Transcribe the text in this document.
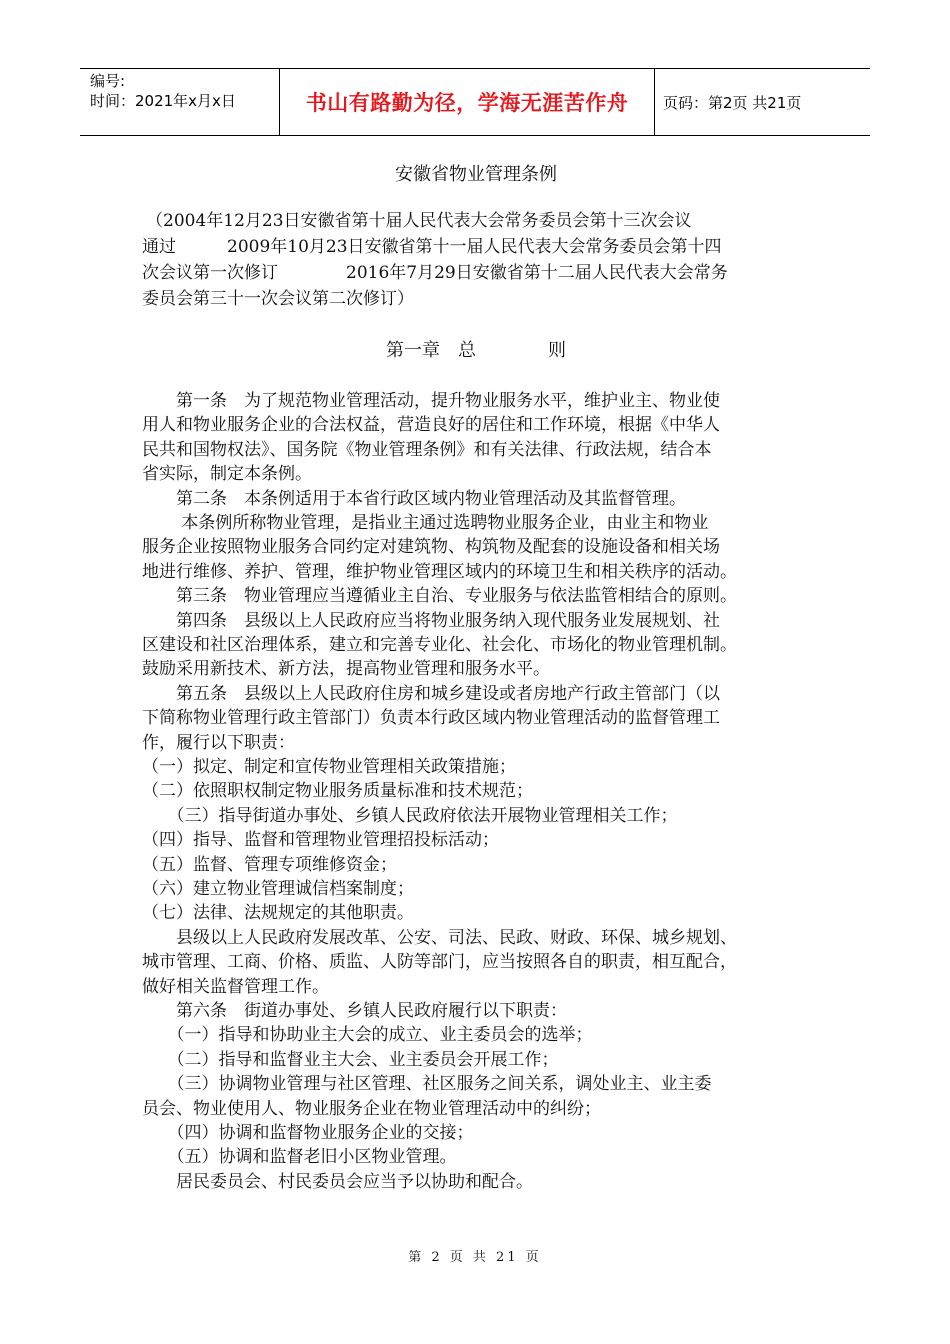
编号:
时间：2021年x月x日	书山有路勤为径，学海无涯苦作舟 页码：第2页 共21页
安徽省物业管理条例
（2004年12月23日安徽省第十届人民代表大会常务委员会第十三次会议
通过　　　2009年10月23日安徽省第十一届人民代表大会常务委员会第十四
次会议第一次修订　　　　2016年7月29日安徽省第十二届人民代表大会常务
委员会第三十一次会议第二次修订）
第一章　总　　　　则
　　第一条　为了规范物业管理活动，提升物业服务水平，维护业主、物业使
用人和物业服务企业的合法权益，营造良好的居住和工作环境，根据《中华人
民共和国物权法》、国务院《物业管理条例》和有关法律、行政法规，结合本
省实际，制定本条例。
　　第二条　本条例适用于本省行政区域内物业管理活动及其监督管理。
　　 本条例所称物业管理，是指业主通过选聘物业服务企业，由业主和物业
服务企业按照物业服务合同约定对建筑物、构筑物及配套的设施设备和相关场
地进行维修、养护、管理，维护物业管理区域内的环境卫生和相关秩序的活动。
　　第三条　物业管理应当遵循业主自治、专业服务与依法监管相结合的原则。
　　第四条　县级以上人民政府应当将物业服务纳入现代服务业发展规划、社
区建设和社区治理体系，建立和完善专业化、社会化、市场化的物业管理机制。
鼓励采用新技术、新方法，提高物业管理和服务水平。
　　第五条　县级以上人民政府住房和城乡建设或者房地产行政主管部门（以
下简称物业管理行政主管部门）负责本行政区域内物业管理活动的监督管理工
作，履行以下职责：
（一）拟定、制定和宣传物业管理相关政策措施；
（二）依照职权制定物业服务质量标准和技术规范；
　　（三）指导街道办事处、乡镇人民政府依法开展物业管理相关工作；
（四）指导、监督和管理物业管理招投标活动；
（五）监督、管理专项维修资金；
（六）建立物业管理诚信档案制度；
（七）法律、法规规定的其他职责。
　　县级以上人民政府发展改革、公安、司法、民政、财政、环保、城乡规划、
城市管理、工商、价格、质监、人防等部门，应当按照各自的职责，相互配合，
做好相关监督管理工作。
　　第六条　街道办事处、乡镇人民政府履行以下职责：
　　（一）指导和协助业主大会的成立、业主委员会的选举；
　　（二）指导和监督业主大会、业主委员会开展工作；
　　（三）协调物业管理与社区管理、社区服务之间关系，调处业主、业主委
员会、物业使用人、物业服务企业在物业管理活动中的纠纷；
　　（四）协调和监督物业服务企业的交接；
　　（五）协调和监督老旧小区物业管理。
　　居民委员会、村民委员会应当予以协助和配合。
第 2 页 共 21 页
